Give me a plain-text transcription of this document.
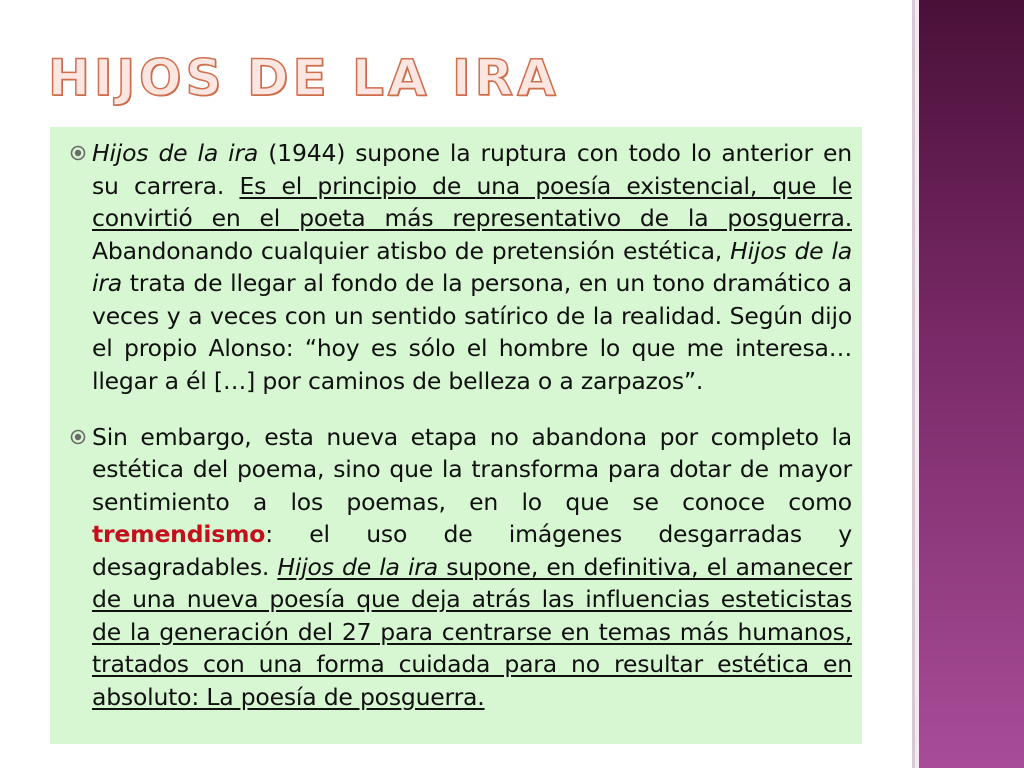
HIJOS DE LA IRA

Hijos de la ira (1944) supone la ruptura con todo lo anterior en su carrera. Es el principio de una poesía existencial, que le convirtió en el poeta más representativo de la posguerra. Abandonando cualquier atisbo de pretensión estética, Hijos de la ira trata de llegar al fondo de la persona, en un tono dramático a veces y a veces con un sentido satírico de la realidad. Según dijo el propio Alonso: “hoy es sólo el hombre lo que me interesa… llegar a él […] por caminos de belleza o a zarpazos”.

Sin embargo, esta nueva etapa no abandona por completo la estética del poema, sino que la transforma para dotar de mayor sentimiento a los poemas, en lo que se conoce como tremendismo: el uso de imágenes desgarradas y desagradables. Hijos de la ira supone, en definitiva, el amanecer de una nueva poesía que deja atrás las influencias esteticistas de la generación del 27 para centrarse en temas más humanos, tratados con una forma cuidada para no resultar estética en absoluto: La poesía de posguerra.
